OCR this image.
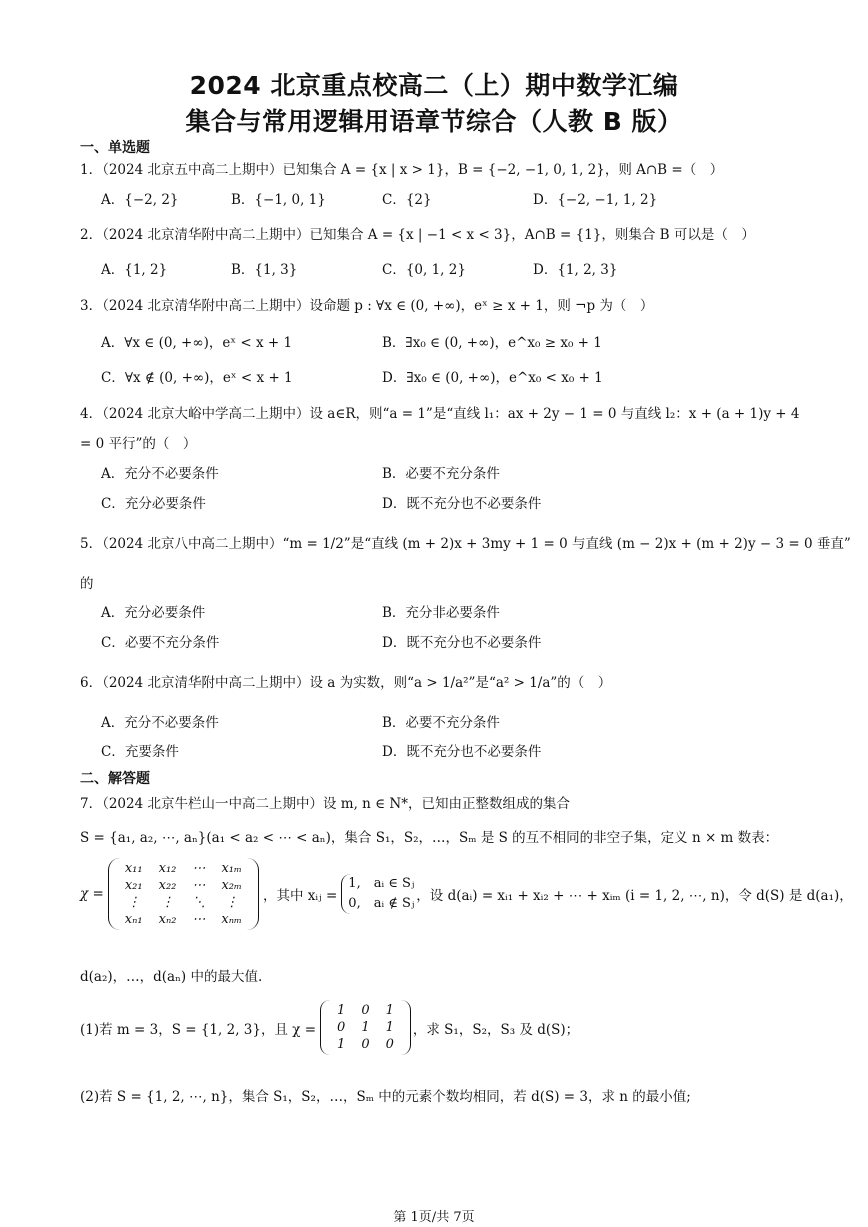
2024 北京重点校高二（上）期中数学汇编
集合与常用逻辑用语章节综合（人教 B 版）
一、单选题
1．（2024 北京五中高二上期中）已知集合 A = {x | x > 1}，B = {−2, −1, 0, 1, 2}，则 A∩B =（　）
A．{−2, 2}	B．{−1, 0, 1}	C．{2}	D．{−2, −1, 1, 2}
2．（2024 北京清华附中高二上期中）已知集合 A = {x | −1 < x < 3}，A∩B = {1}，则集合 B 可以是（　）
A．{1, 2}	B．{1, 3}	C．{0, 1, 2}	D．{1, 2, 3}
3．（2024 北京清华附中高二上期中）设命题 p : ∀x ∈ (0, +∞)，eˣ ≥ x + 1，则 ¬p 为（　）
A．∀x ∈ (0, +∞)，eˣ < x + 1	B．∃x₀ ∈ (0, +∞)，e^x₀ ≥ x₀ + 1
C．∀x ∉ (0, +∞)，eˣ < x + 1	D．∃x₀ ∈ (0, +∞)，e^x₀ < x₀ + 1
4．（2024 北京大峪中学高二上期中）设 a∈R，则“a = 1”是“直线 l₁：ax + 2y − 1 = 0 与直线 l₂：x + (a + 1)y + 4
= 0 平行”的（　）
A．充分不必要条件	B．必要不充分条件
C．充分必要条件	D．既不充分也不必要条件
5．（2024 北京八中高二上期中）“m = 1/2”是“直线 (m + 2)x + 3my + 1 = 0 与直线 (m − 2)x + (m + 2)y − 3 = 0 垂直”
的
A．充分必要条件	B．充分非必要条件
C．必要不充分条件	D．既不充分也不必要条件
6．（2024 北京清华附中高二上期中）设 a 为实数，则“a > 1/a²”是“a² > 1/a”的（　）
A．充分不必要条件	B．必要不充分条件
C．充要条件	D．既不充分也不必要条件
二、解答题
7．（2024 北京牛栏山一中高二上期中）设 m, n ∈ N*，已知由正整数组成的集合
S = {a₁, a₂, ⋯, aₙ}(a₁ < a₂ < ⋯ < aₙ)，集合 S₁，S₂，…，Sₘ 是 S 的互不相同的非空子集，定义 n × m 数表：
χ =
x₁₁	x₁₂	⋯	x₁ₘ
x₂₁	x₂₂	⋯	x₂ₘ
⋮	⋮	⋱	⋮
xₙ₁	xₙ₂	⋯	xₙₘ
，其中 xᵢⱼ =
1,　aᵢ ∈ Sⱼ
0,　aᵢ ∉ Sⱼ ，设 d(aᵢ) = xᵢ₁ + xᵢ₂ + ⋯ + xᵢₘ (i = 1, 2, ⋯, n)，令 d(S) 是 d(a₁)，
d(a₂)，…，d(aₙ) 中的最大值.
(1)若 m = 3，S = {1, 2, 3}，且 χ =
1	0	1
0	1	1
1	0	0
，求 S₁，S₂，S₃ 及 d(S)；
(2)若 S = {1, 2, ⋯, n}，集合 S₁，S₂，…，Sₘ 中的元素个数均相同，若 d(S) = 3，求 n 的最小值;
第 1页/共 7页
